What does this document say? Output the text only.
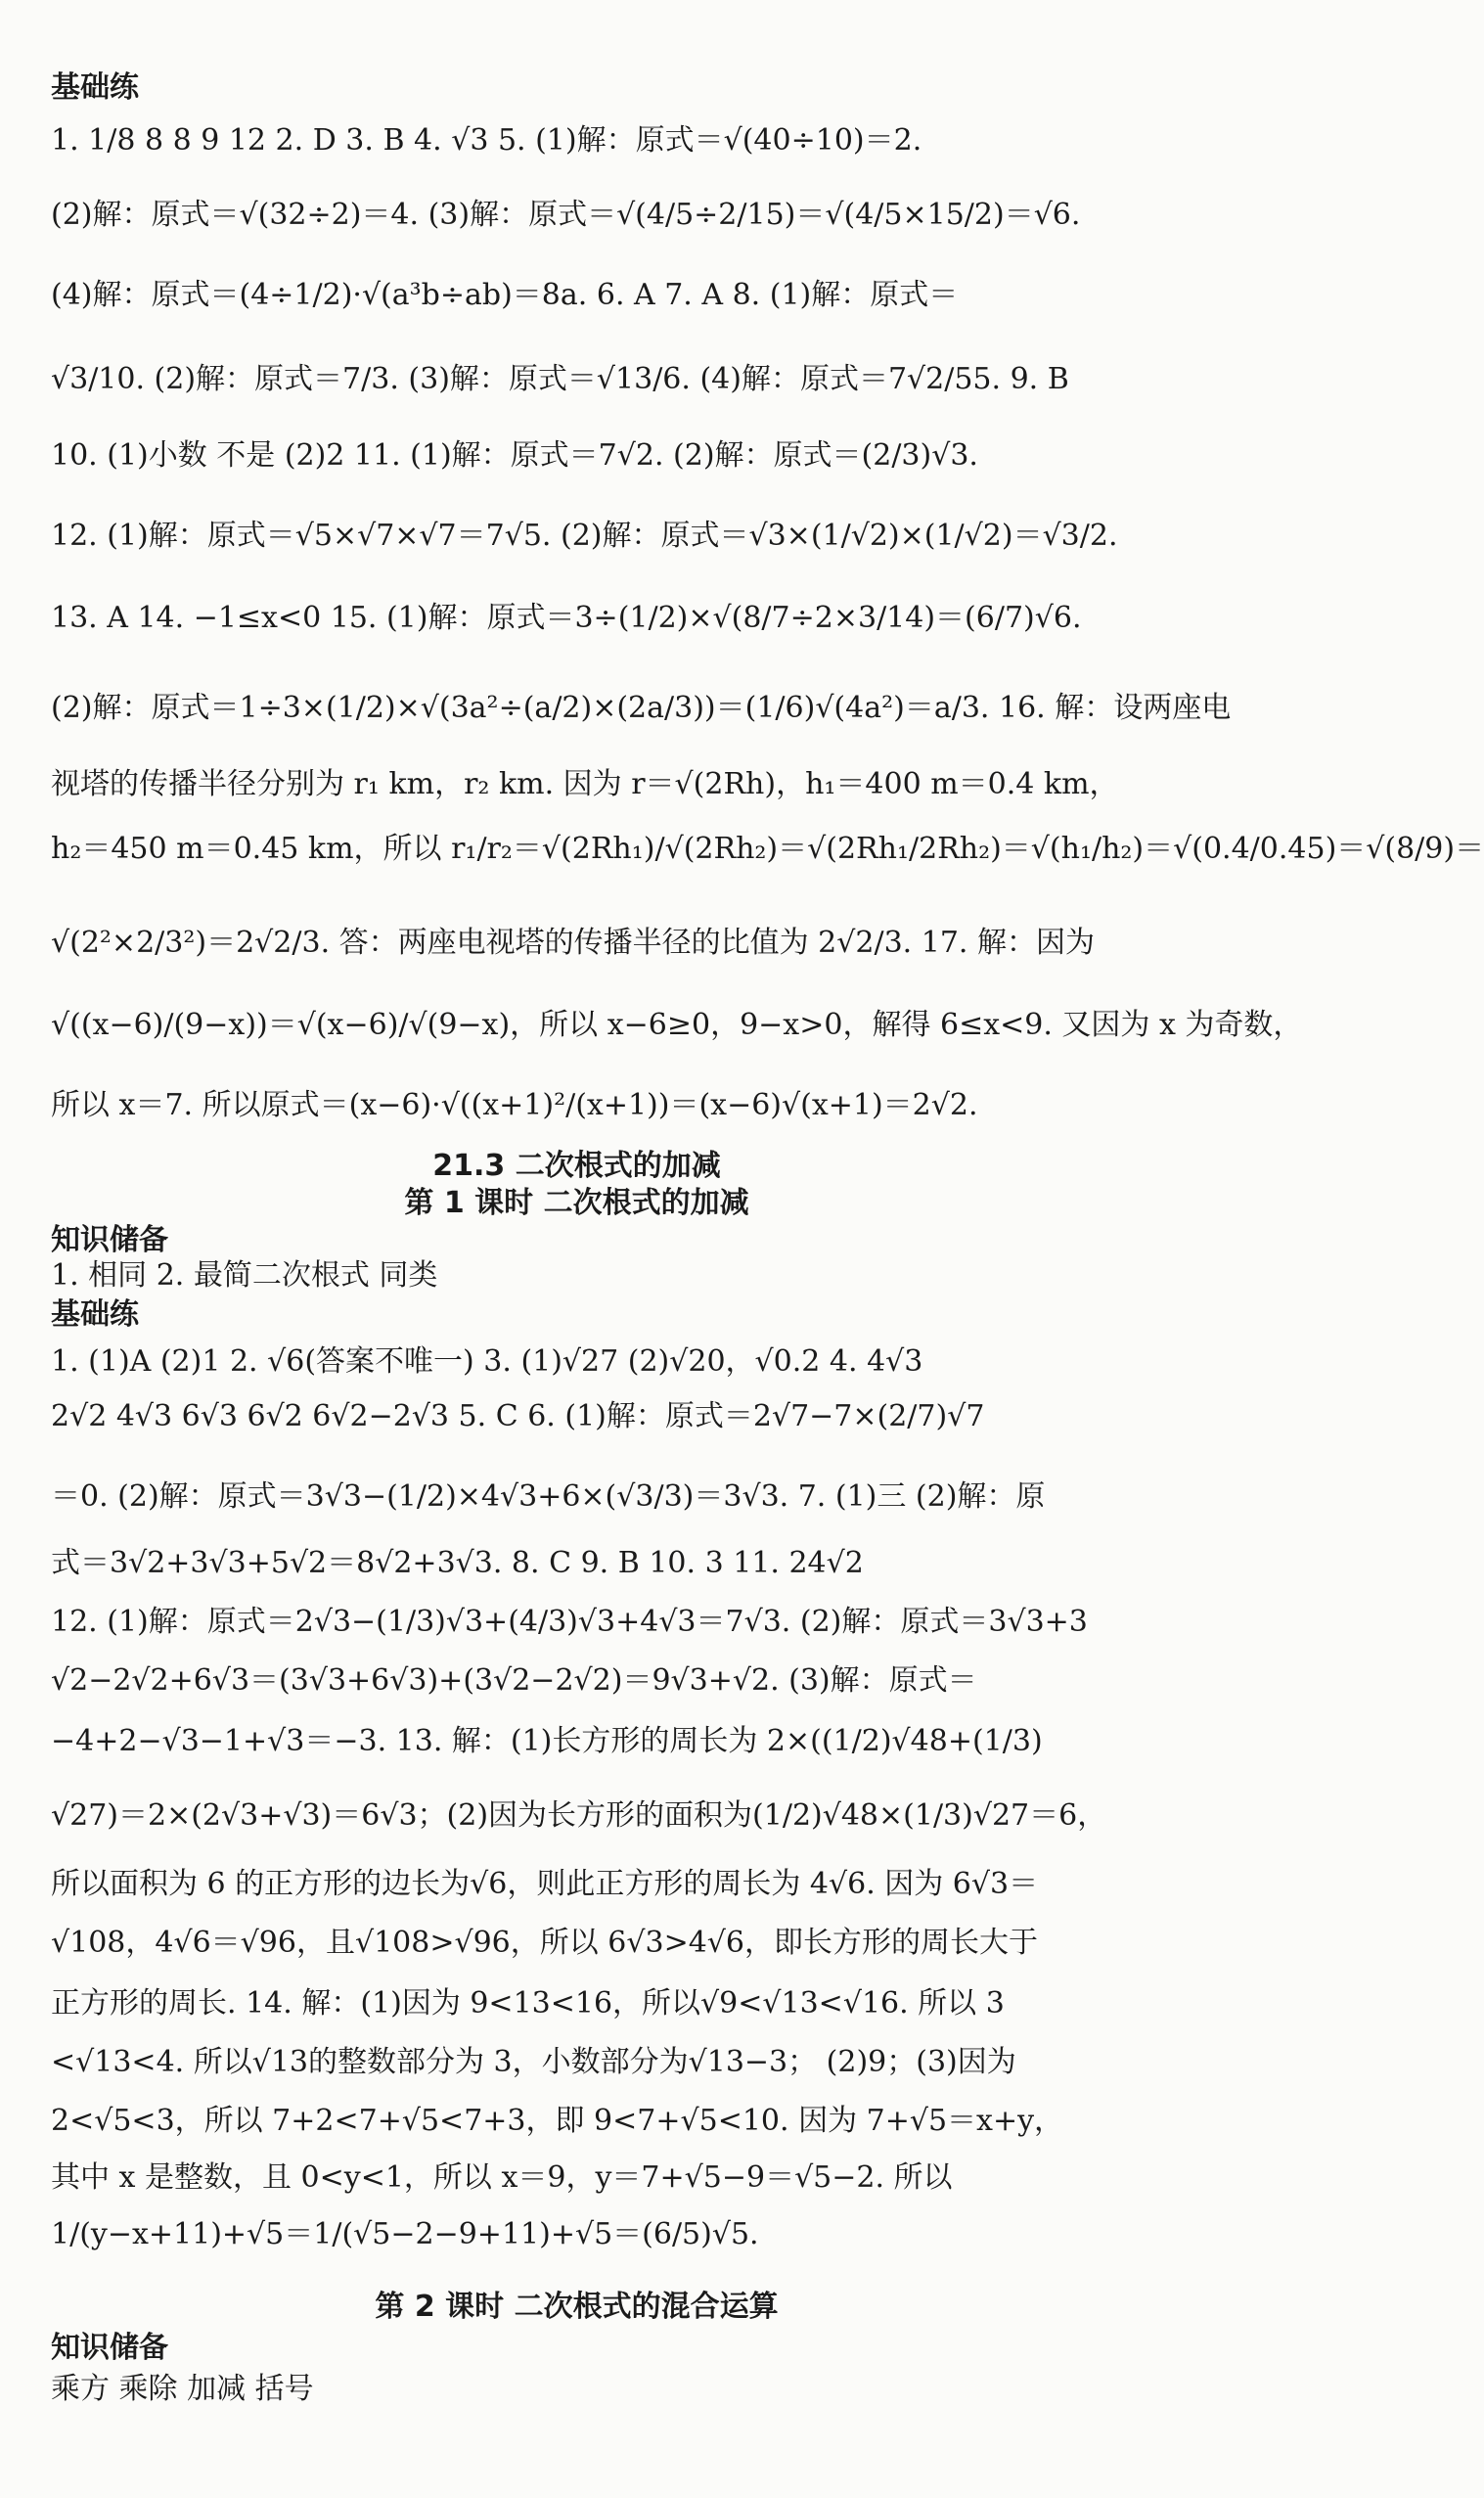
基础练
1. 1/8 8 8 9 12 2. D 3. B 4. √3 5. (1)解：原式＝√(40÷10)＝2.
(2)解：原式＝√(32÷2)＝4. (3)解：原式＝√(4/5÷2/15)＝√(4/5×15/2)＝√6.
(4)解：原式＝(4÷1/2)·√(a³b÷ab)＝8a. 6. A 7. A 8. (1)解：原式＝
√3/10. (2)解：原式＝7/3. (3)解：原式＝√13/6. (4)解：原式＝7√2/55. 9. B
10. (1)小数 不是 (2)2 11. (1)解：原式＝7√2. (2)解：原式＝(2/3)√3.
12. (1)解：原式＝√5×√7×√7＝7√5. (2)解：原式＝√3×(1/√2)×(1/√2)＝√3/2.
13. A 14. −1≤x<0 15. (1)解：原式＝3÷(1/2)×√(8/7÷2×3/14)＝(6/7)√6.
(2)解：原式＝1÷3×(1/2)×√(3a²÷(a/2)×(2a/3))＝(1/6)√(4a²)＝a/3. 16. 解：设两座电
视塔的传播半径分别为 r₁ km，r₂ km. 因为 r＝√(2Rh)，h₁＝400 m＝0.4 km，
h₂＝450 m＝0.45 km，所以 r₁/r₂＝√(2Rh₁)/√(2Rh₂)＝√(2Rh₁/2Rh₂)＝√(h₁/h₂)＝√(0.4/0.45)＝√(8/9)＝
√(2²×2/3²)＝2√2/3. 答：两座电视塔的传播半径的比值为 2√2/3. 17. 解：因为
√((x−6)/(9−x))＝√(x−6)/√(9−x)，所以 x−6≥0，9−x>0，解得 6≤x<9. 又因为 x 为奇数，
所以 x＝7. 所以原式＝(x−6)·√((x+1)²/(x+1))＝(x−6)√(x+1)＝2√2.
21.3 二次根式的加减
第 1 课时 二次根式的加减
知识储备
1. 相同 2. 最简二次根式 同类
基础练
1. (1)A (2)1 2. √6(答案不唯一) 3. (1)√27 (2)√20，√0.2 4. 4√3
2√2 4√3 6√3 6√2 6√2−2√3 5. C 6. (1)解：原式＝2√7−7×(2/7)√7
＝0. (2)解：原式＝3√3−(1/2)×4√3+6×(√3/3)＝3√3. 7. (1)三 (2)解：原
式＝3√2+3√3+5√2＝8√2+3√3. 8. C 9. B 10. 3 11. 24√2
12. (1)解：原式＝2√3−(1/3)√3+(4/3)√3+4√3＝7√3. (2)解：原式＝3√3+3
√2−2√2+6√3＝(3√3+6√3)+(3√2−2√2)＝9√3+√2. (3)解：原式＝
−4+2−√3−1+√3＝−3. 13. 解：(1)长方形的周长为 2×((1/2)√48+(1/3)
√27)＝2×(2√3+√3)＝6√3；(2)因为长方形的面积为(1/2)√48×(1/3)√27＝6，
所以面积为 6 的正方形的边长为√6，则此正方形的周长为 4√6. 因为 6√3＝
√108，4√6＝√96，且√108>√96，所以 6√3>4√6，即长方形的周长大于
正方形的周长. 14. 解：(1)因为 9<13<16，所以√9<√13<√16. 所以 3
<√13<4. 所以√13的整数部分为 3，小数部分为√13−3； (2)9；(3)因为
2<√5<3，所以 7+2<7+√5<7+3，即 9<7+√5<10. 因为 7+√5＝x+y，
其中 x 是整数，且 0<y<1，所以 x＝9，y＝7+√5−9＝√5−2. 所以
1/(y−x+11)+√5＝1/(√5−2−9+11)+√5＝(6/5)√5.
第 2 课时 二次根式的混合运算
知识储备
乘方 乘除 加减 括号
